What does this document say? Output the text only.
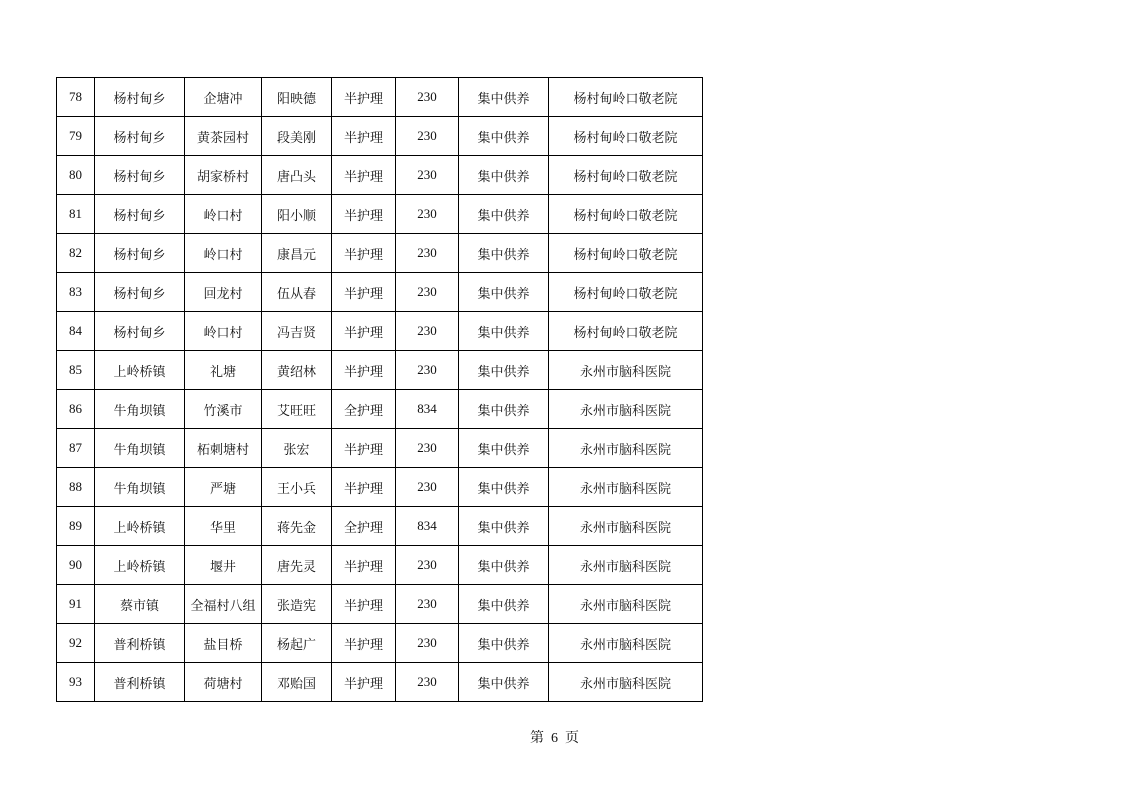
78	杨村甸乡	企塘冲	阳映德	半护理	230	集中供养	杨村甸岭口敬老院
79	杨村甸乡	黄茶园村	段美刚	半护理	230	集中供养	杨村甸岭口敬老院
80	杨村甸乡	胡家桥村	唐凸头	半护理	230	集中供养	杨村甸岭口敬老院
81	杨村甸乡	岭口村	阳小顺	半护理	230	集中供养	杨村甸岭口敬老院
82	杨村甸乡	岭口村	康昌元	半护理	230	集中供养	杨村甸岭口敬老院
83	杨村甸乡	回龙村	伍从春	半护理	230	集中供养	杨村甸岭口敬老院
84	杨村甸乡	岭口村	冯吉贤	半护理	230	集中供养	杨村甸岭口敬老院
85	上岭桥镇	礼塘	黄绍林	半护理	230	集中供养	永州市脑科医院
86	牛角坝镇	竹溪市	艾旺旺	全护理	834	集中供养	永州市脑科医院
87	牛角坝镇	柘刺塘村	张宏	半护理	230	集中供养	永州市脑科医院
88	牛角坝镇	严塘	王小兵	半护理	230	集中供养	永州市脑科医院
89	上岭桥镇	华里	蒋先金	全护理	834	集中供养	永州市脑科医院
90	上岭桥镇	堰井	唐先灵	半护理	230	集中供养	永州市脑科医院
91	蔡市镇	全福村八组	张造宪	半护理	230	集中供养	永州市脑科医院
92	普利桥镇	盐目桥	杨起广	半护理	230	集中供养	永州市脑科医院
93	普利桥镇	荷塘村	邓贻国	半护理	230	集中供养	永州市脑科医院
第 6 页
